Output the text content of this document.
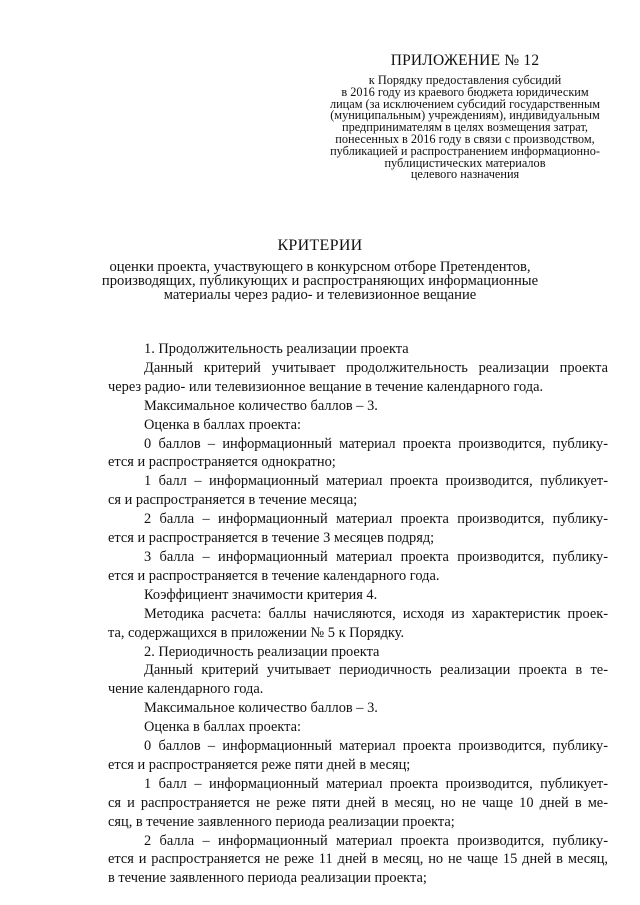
ПРИЛОЖЕНИЕ № 12
к Порядку предоставления субсидий
в 2016 году из краевого бюджета юридическим
лицам (за исключением субсидий государственным
(муниципальным) учреждениям), индивидуальным
предпринимателям в целях возмещения затрат,
понесенных в 2016 году в связи с производством,
публикацией и распространением информационно-
публицистических материалов
целевого назначения
КРИТЕРИИ
оценки проекта, участвующего в конкурсном отборе Претендентов,
производящих, публикующих и распространяющих информационные
материалы через радио- и телевизионное вещание
1. Продолжительность реализации проекта
Данный критерий учитывает продолжительность реализации проекта
через радио- или телевизионное вещание в течение календарного года.
Максимальное количество баллов – 3.
Оценка в баллах проекта:
0 баллов – информационный материал проекта производится, публику-
ется и распространяется однократно;
1 балл – информационный материал проекта производится, публикует-
ся и распространяется в течение месяца;
2 балла – информационный материал проекта производится, публику-
ется и распространяется в течение 3 месяцев подряд;
3 балла – информационный материал проекта производится, публику-
ется и распространяется в течение календарного года.
Коэффициент значимости критерия 4.
Методика расчета: баллы начисляются, исходя из характеристик проек-
та, содержащихся в приложении № 5 к Порядку.
2. Периодичность реализации проекта
Данный критерий учитывает периодичность реализации проекта в те-
чение календарного года.
Максимальное количество баллов – 3.
Оценка в баллах проекта:
0 баллов – информационный материал проекта производится, публику-
ется и распространяется реже пяти дней в месяц;
1 балл – информационный материал проекта производится, публикует-
ся и распространяется не реже пяти дней в месяц, но не чаще 10 дней в ме-
сяц, в течение заявленного периода реализации проекта;
2 балла – информационный материал проекта производится, публику-
ется и распространяется не реже 11 дней в месяц, но не чаще 15 дней в месяц,
в течение заявленного периода реализации проекта;
